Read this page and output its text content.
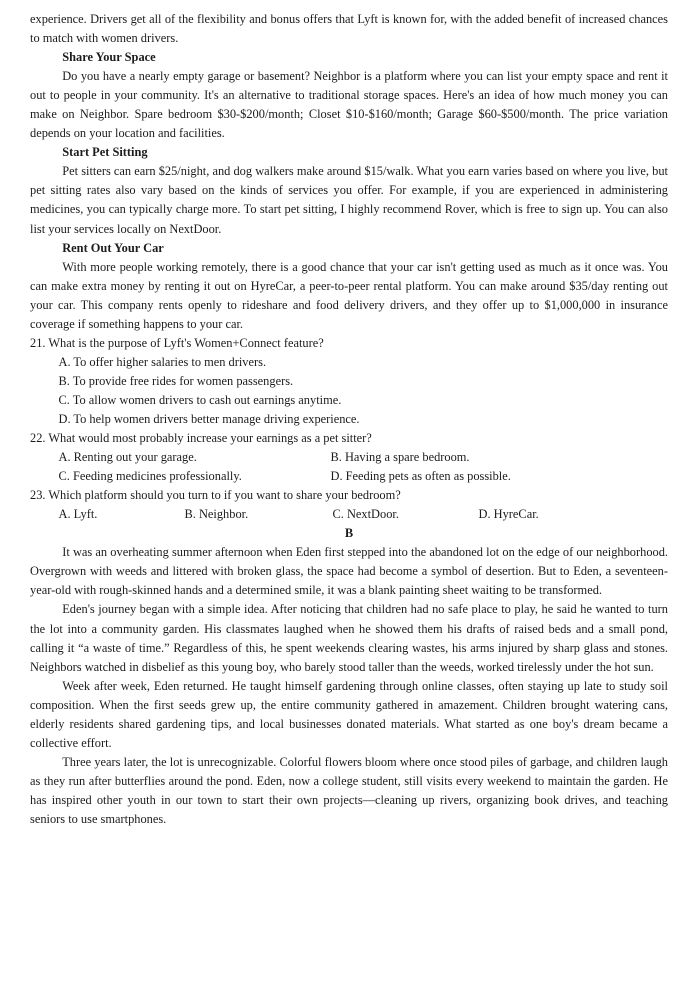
experience. Drivers get all of the flexibility and bonus offers that Lyft is known for, with the added benefit of increased chances to match with women drivers.

Share Your Space

Do you have a nearly empty garage or basement? Neighbor is a platform where you can list your empty space and rent it out to people in your community. It's an alternative to traditional storage spaces. Here's an idea of how much money you can make on Neighbor. Spare bedroom $30-$200/month; Closet $10-$160/month; Garage $60-$500/month. The price variation depends on your location and facilities.

Start Pet Sitting

Pet sitters can earn $25/night, and dog walkers make around $15/walk. What you earn varies based on where you live, but pet sitting rates also vary based on the kinds of services you offer. For example, if you are experienced in administering medicines, you can typically charge more. To start pet sitting, I highly recommend Rover, which is free to sign up. You can also list your services locally on NextDoor.

Rent Out Your Car

With more people working remotely, there is a good chance that your car isn't getting used as much as it once was. You can make extra money by renting it out on HyreCar, a peer-to-peer rental platform. You can make around $35/day renting out your car. This company rents openly to rideshare and food delivery drivers, and they offer up to $1,000,000 in insurance coverage if something happens to your car.

21. What is the purpose of Lyft's Women+Connect feature?

A. To offer higher salaries to men drivers.

B. To provide free rides for women passengers.

C. To allow women drivers to cash out earnings anytime.

D. To help women drivers better manage driving experience.

22. What would most probably increase your earnings as a pet sitter?

A. Renting out your garage.	B. Having a spare bedroom.
C. Feeding medicines professionally.	D. Feeding pets as often as possible.

23. Which platform should you turn to if you want to share your bedroom?

A. Lyft.	B. Neighbor.	C. NextDoor.	D. HyreCar.

B

It was an overheating summer afternoon when Eden first stepped into the abandoned lot on the edge of our neighborhood. Overgrown with weeds and littered with broken glass, the space had become a symbol of desertion. But to Eden, a seventeen-year-old with rough-skinned hands and a determined smile, it was a blank painting sheet waiting to be transformed.

Eden's journey began with a simple idea. After noticing that children had no safe place to play, he said he wanted to turn the lot into a community garden. His classmates laughed when he showed them his drafts of raised beds and a small pond, calling it “a waste of time.” Regardless of this, he spent weekends clearing wastes, his arms injured by sharp glass and stones. Neighbors watched in disbelief as this young boy, who barely stood taller than the weeds, worked tirelessly under the hot sun.

Week after week, Eden returned. He taught himself gardening through online classes, often staying up late to study soil composition. When the first seeds grew up, the entire community gathered in amazement. Children brought watering cans, elderly residents shared gardening tips, and local businesses donated materials. What started as one boy's dream became a collective effort.

Three years later, the lot is unrecognizable. Colorful flowers bloom where once stood piles of garbage, and children laugh as they run after butterflies around the pond. Eden, now a college student, still visits every weekend to maintain the garden. He has inspired other youth in our town to start their own projects—cleaning up rivers, organizing book drives, and teaching seniors to use smartphones.
